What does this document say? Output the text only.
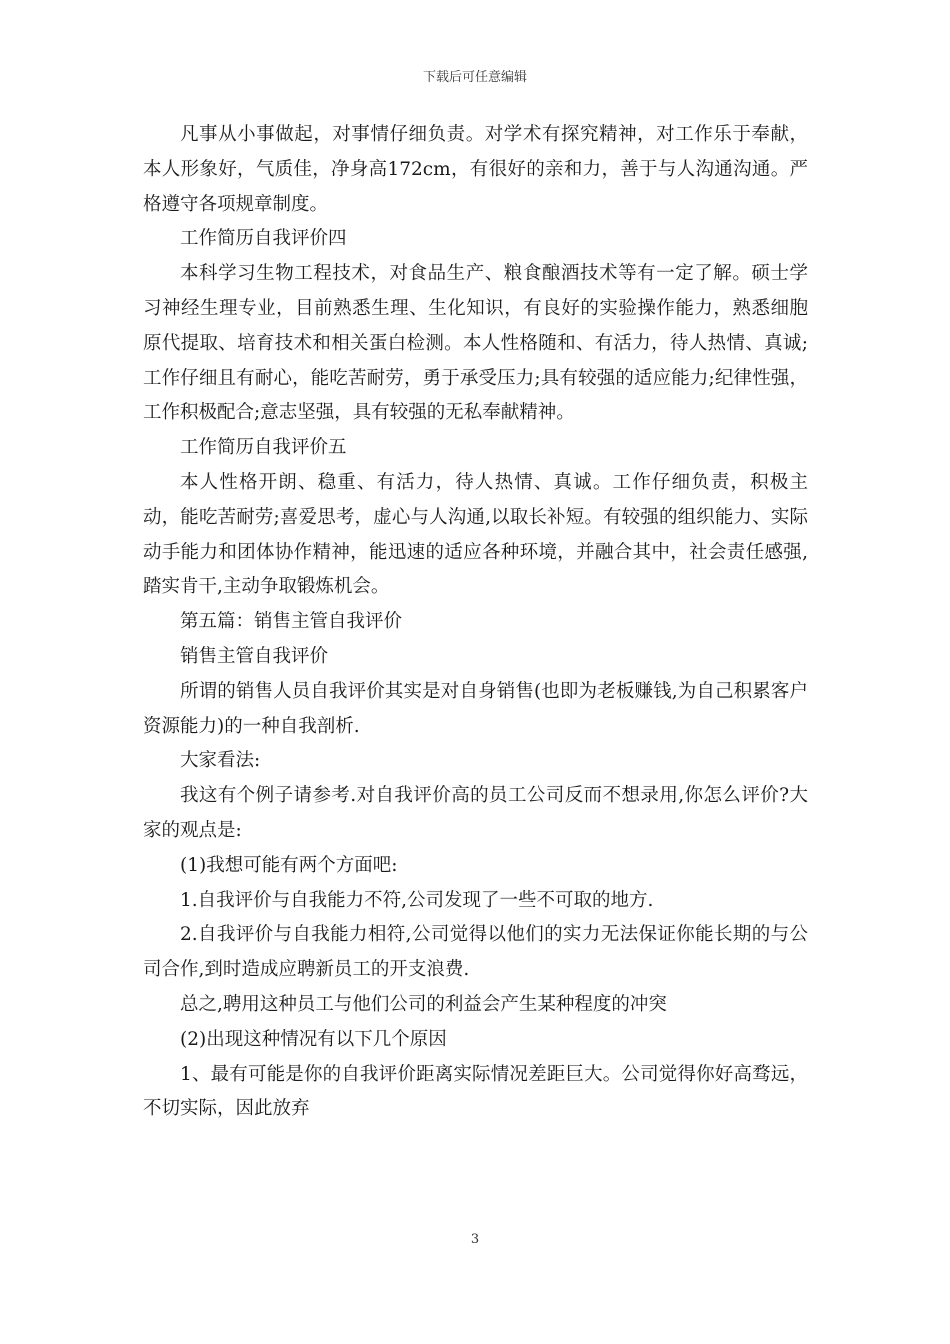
下载后可任意编辑

凡事从小事做起，对事情仔细负责。对学术有探究精神，对工作乐于奉献，本人形象好，气质佳，净身高172cm，有很好的亲和力，善于与人沟通沟通。严格遵守各项规章制度。

工作简历自我评价四

本科学习生物工程技术，对食品生产、粮食酿酒技术等有一定了解。硕士学习神经生理专业，目前熟悉生理、生化知识，有良好的实验操作能力，熟悉细胞原代提取、培育技术和相关蛋白检测。本人性格随和、有活力，待人热情、真诚;工作仔细且有耐心，能吃苦耐劳，勇于承受压力;具有较强的适应能力;纪律性强，工作积极配合;意志坚强，具有较强的无私奉献精神。

工作简历自我评价五

本人性格开朗、稳重、有活力，待人热情、真诚。工作仔细负责，积极主动，能吃苦耐劳;喜爱思考，虚心与人沟通,以取长补短。有较强的组织能力、实际动手能力和团体协作精神，能迅速的适应各种环境，并融合其中，社会责任感强,踏实肯干,主动争取锻炼机会。

第五篇：销售主管自我评价

销售主管自我评价

所谓的销售人员自我评价其实是对自身销售(也即为老板赚钱,为自己积累客户资源能力)的一种自我剖析.

大家看法:

我这有个例子请参考.对自我评价高的员工公司反而不想录用,你怎么评价?大家的观点是:

(1)我想可能有两个方面吧:

1.自我评价与自我能力不符,公司发现了一些不可取的地方.

2.自我评价与自我能力相符,公司觉得以他们的实力无法保证你能长期的与公司合作,到时造成应聘新员工的开支浪费.

总之,聘用这种员工与他们公司的利益会产生某种程度的冲突

(2)出现这种情况有以下几个原因

1、最有可能是你的自我评价距离实际情况差距巨大。公司觉得你好高骛远，不切实际，因此放弃

3
